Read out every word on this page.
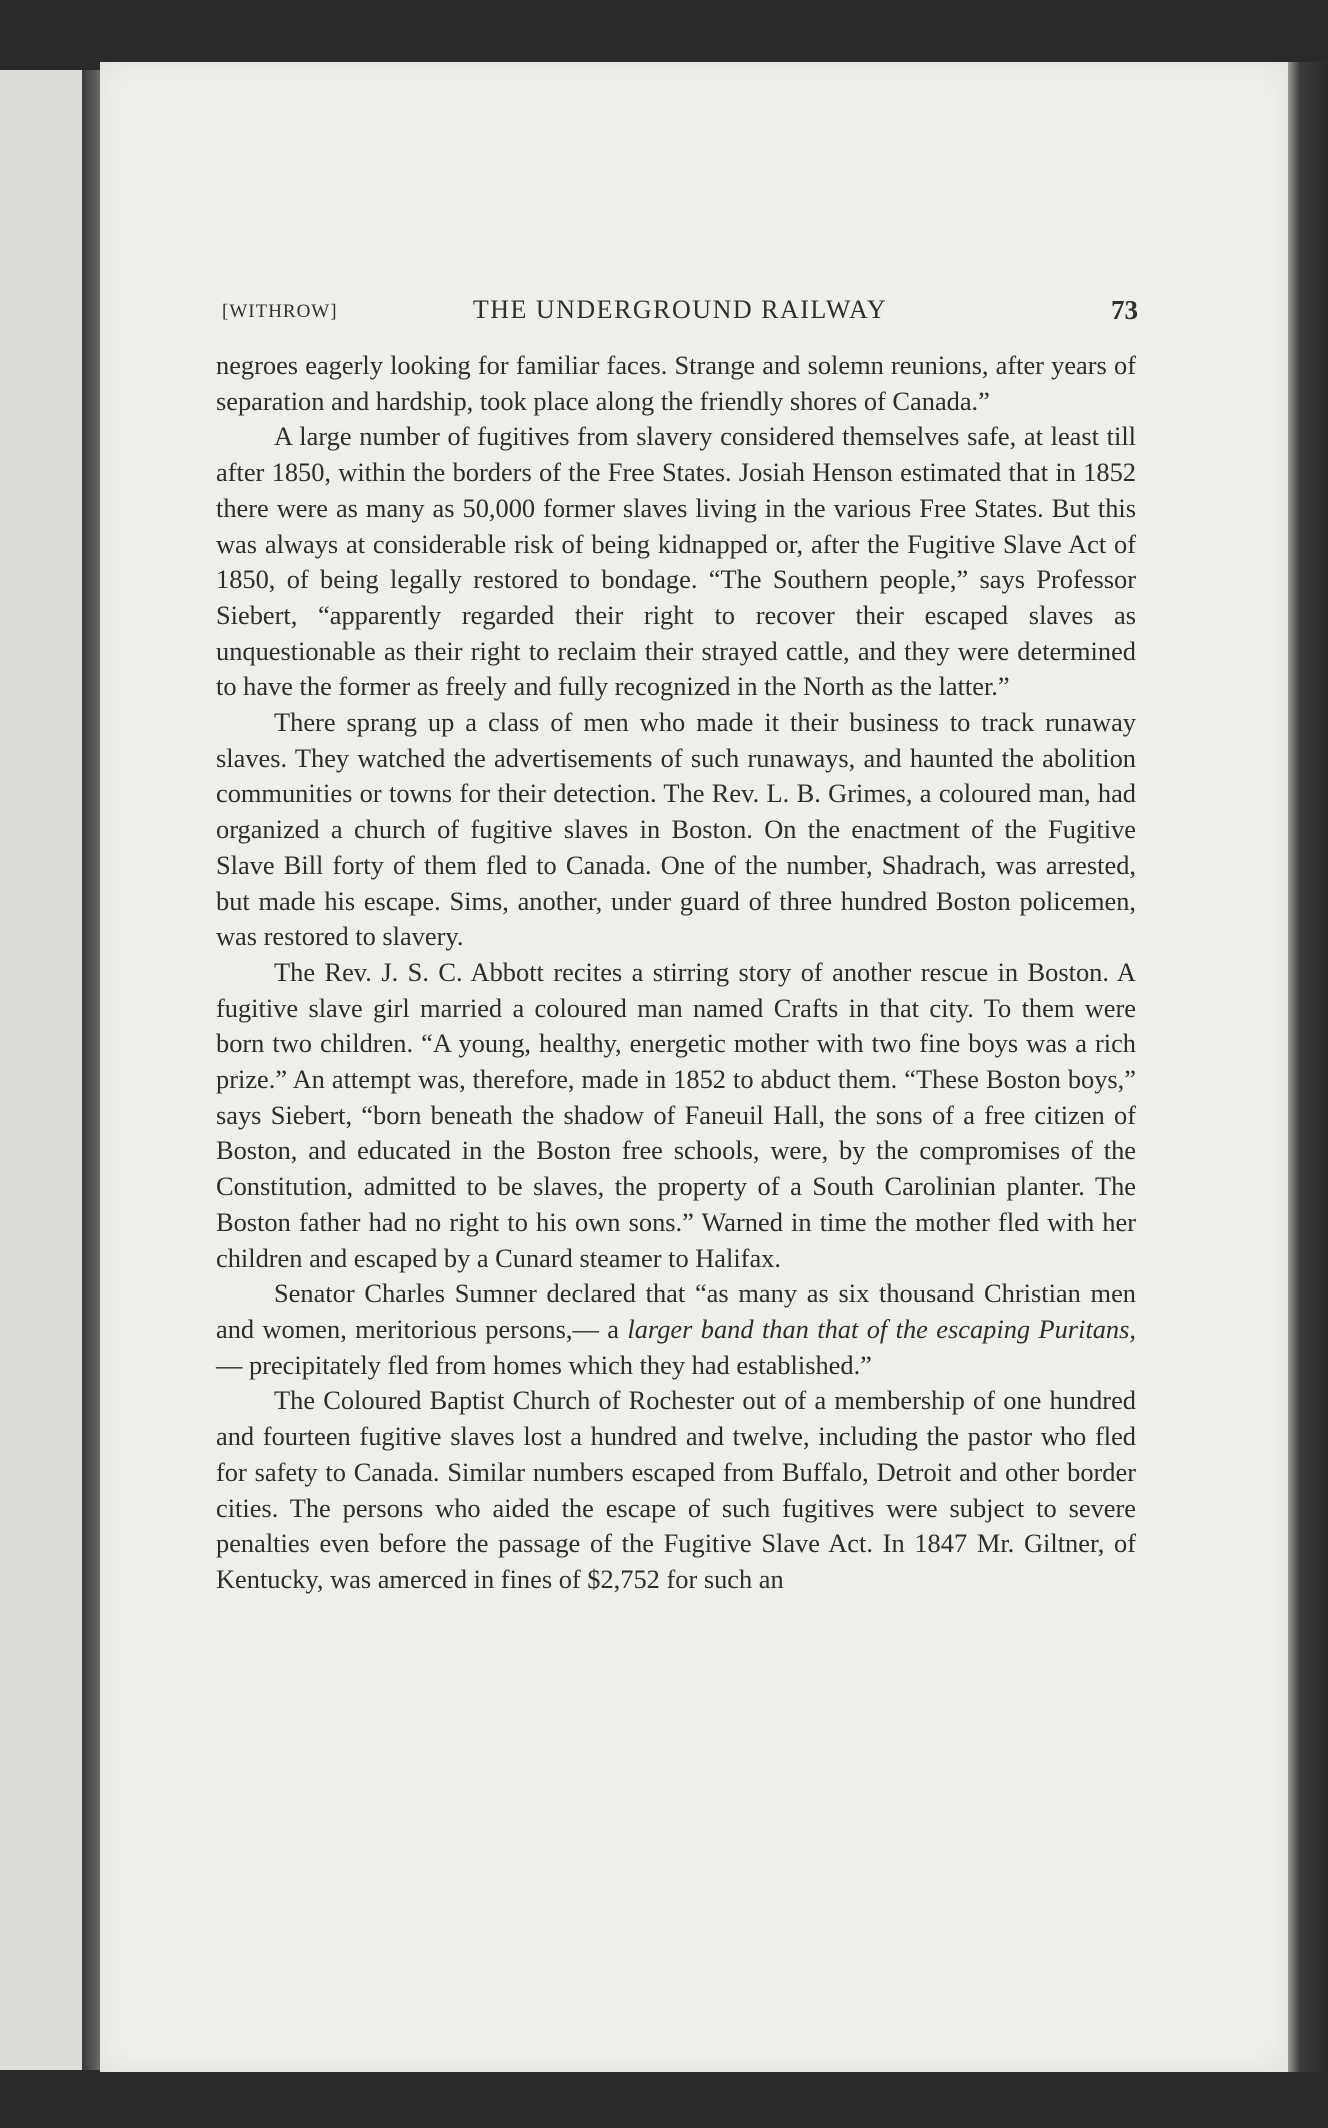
[WITHROW]	THE UNDERGROUND RAILWAY	73

negroes eagerly looking for familiar faces. Strange and solemn reunions, after years of separation and hardship, took place along the friendly shores of Canada.”

A large number of fugitives from slavery considered themselves safe, at least till after 1850, within the borders of the Free States. Josiah Henson estimated that in 1852 there were as many as 50,000 former slaves living in the various Free States. But this was always at considerable risk of being kidnapped or, after the Fugitive Slave Act of 1850, of being legally restored to bondage. “The Southern people,” says Professor Siebert, “apparently regarded their right to recover their escaped slaves as unquestionable as their right to reclaim their strayed cattle, and they were determined to have the former as freely and fully recognized in the North as the latter.”

There sprang up a class of men who made it their business to track runaway slaves. They watched the advertisements of such runaways, and haunted the abolition communities or towns for their detection. The Rev. L. B. Grimes, a coloured man, had organized a church of fugitive slaves in Boston. On the enactment of the Fugitive Slave Bill forty of them fled to Canada. One of the number, Shadrach, was arrested, but made his escape. Sims, another, under guard of three hundred Boston policemen, was restored to slavery.

The Rev. J. S. C. Abbott recites a stirring story of another rescue in Boston. A fugitive slave girl married a coloured man named Crafts in that city. To them were born two children. “A young, healthy, energetic mother with two fine boys was a rich prize.” An attempt was, therefore, made in 1852 to abduct them. “These Boston boys,” says Siebert, “born beneath the shadow of Faneuil Hall, the sons of a free citizen of Boston, and educated in the Boston free schools, were, by the compromises of the Constitution, admitted to be slaves, the property of a South Carolinian planter. The Boston father had no right to his own sons.” Warned in time the mother fled with her children and escaped by a Cunard steamer to Halifax.

Senator Charles Sumner declared that “as many as six thousand Christian men and women, meritorious persons,— a larger band than that of the escaping Puritans,— precipitately fled from homes which they had established.”

The Coloured Baptist Church of Rochester out of a membership of one hundred and fourteen fugitive slaves lost a hundred and twelve, including the pastor who fled for safety to Canada. Similar numbers escaped from Buffalo, Detroit and other border cities. The persons who aided the escape of such fugitives were subject to severe penalties even before the passage of the Fugitive Slave Act. In 1847 Mr. Giltner, of Kentucky, was amerced in fines of $2,752 for such an
